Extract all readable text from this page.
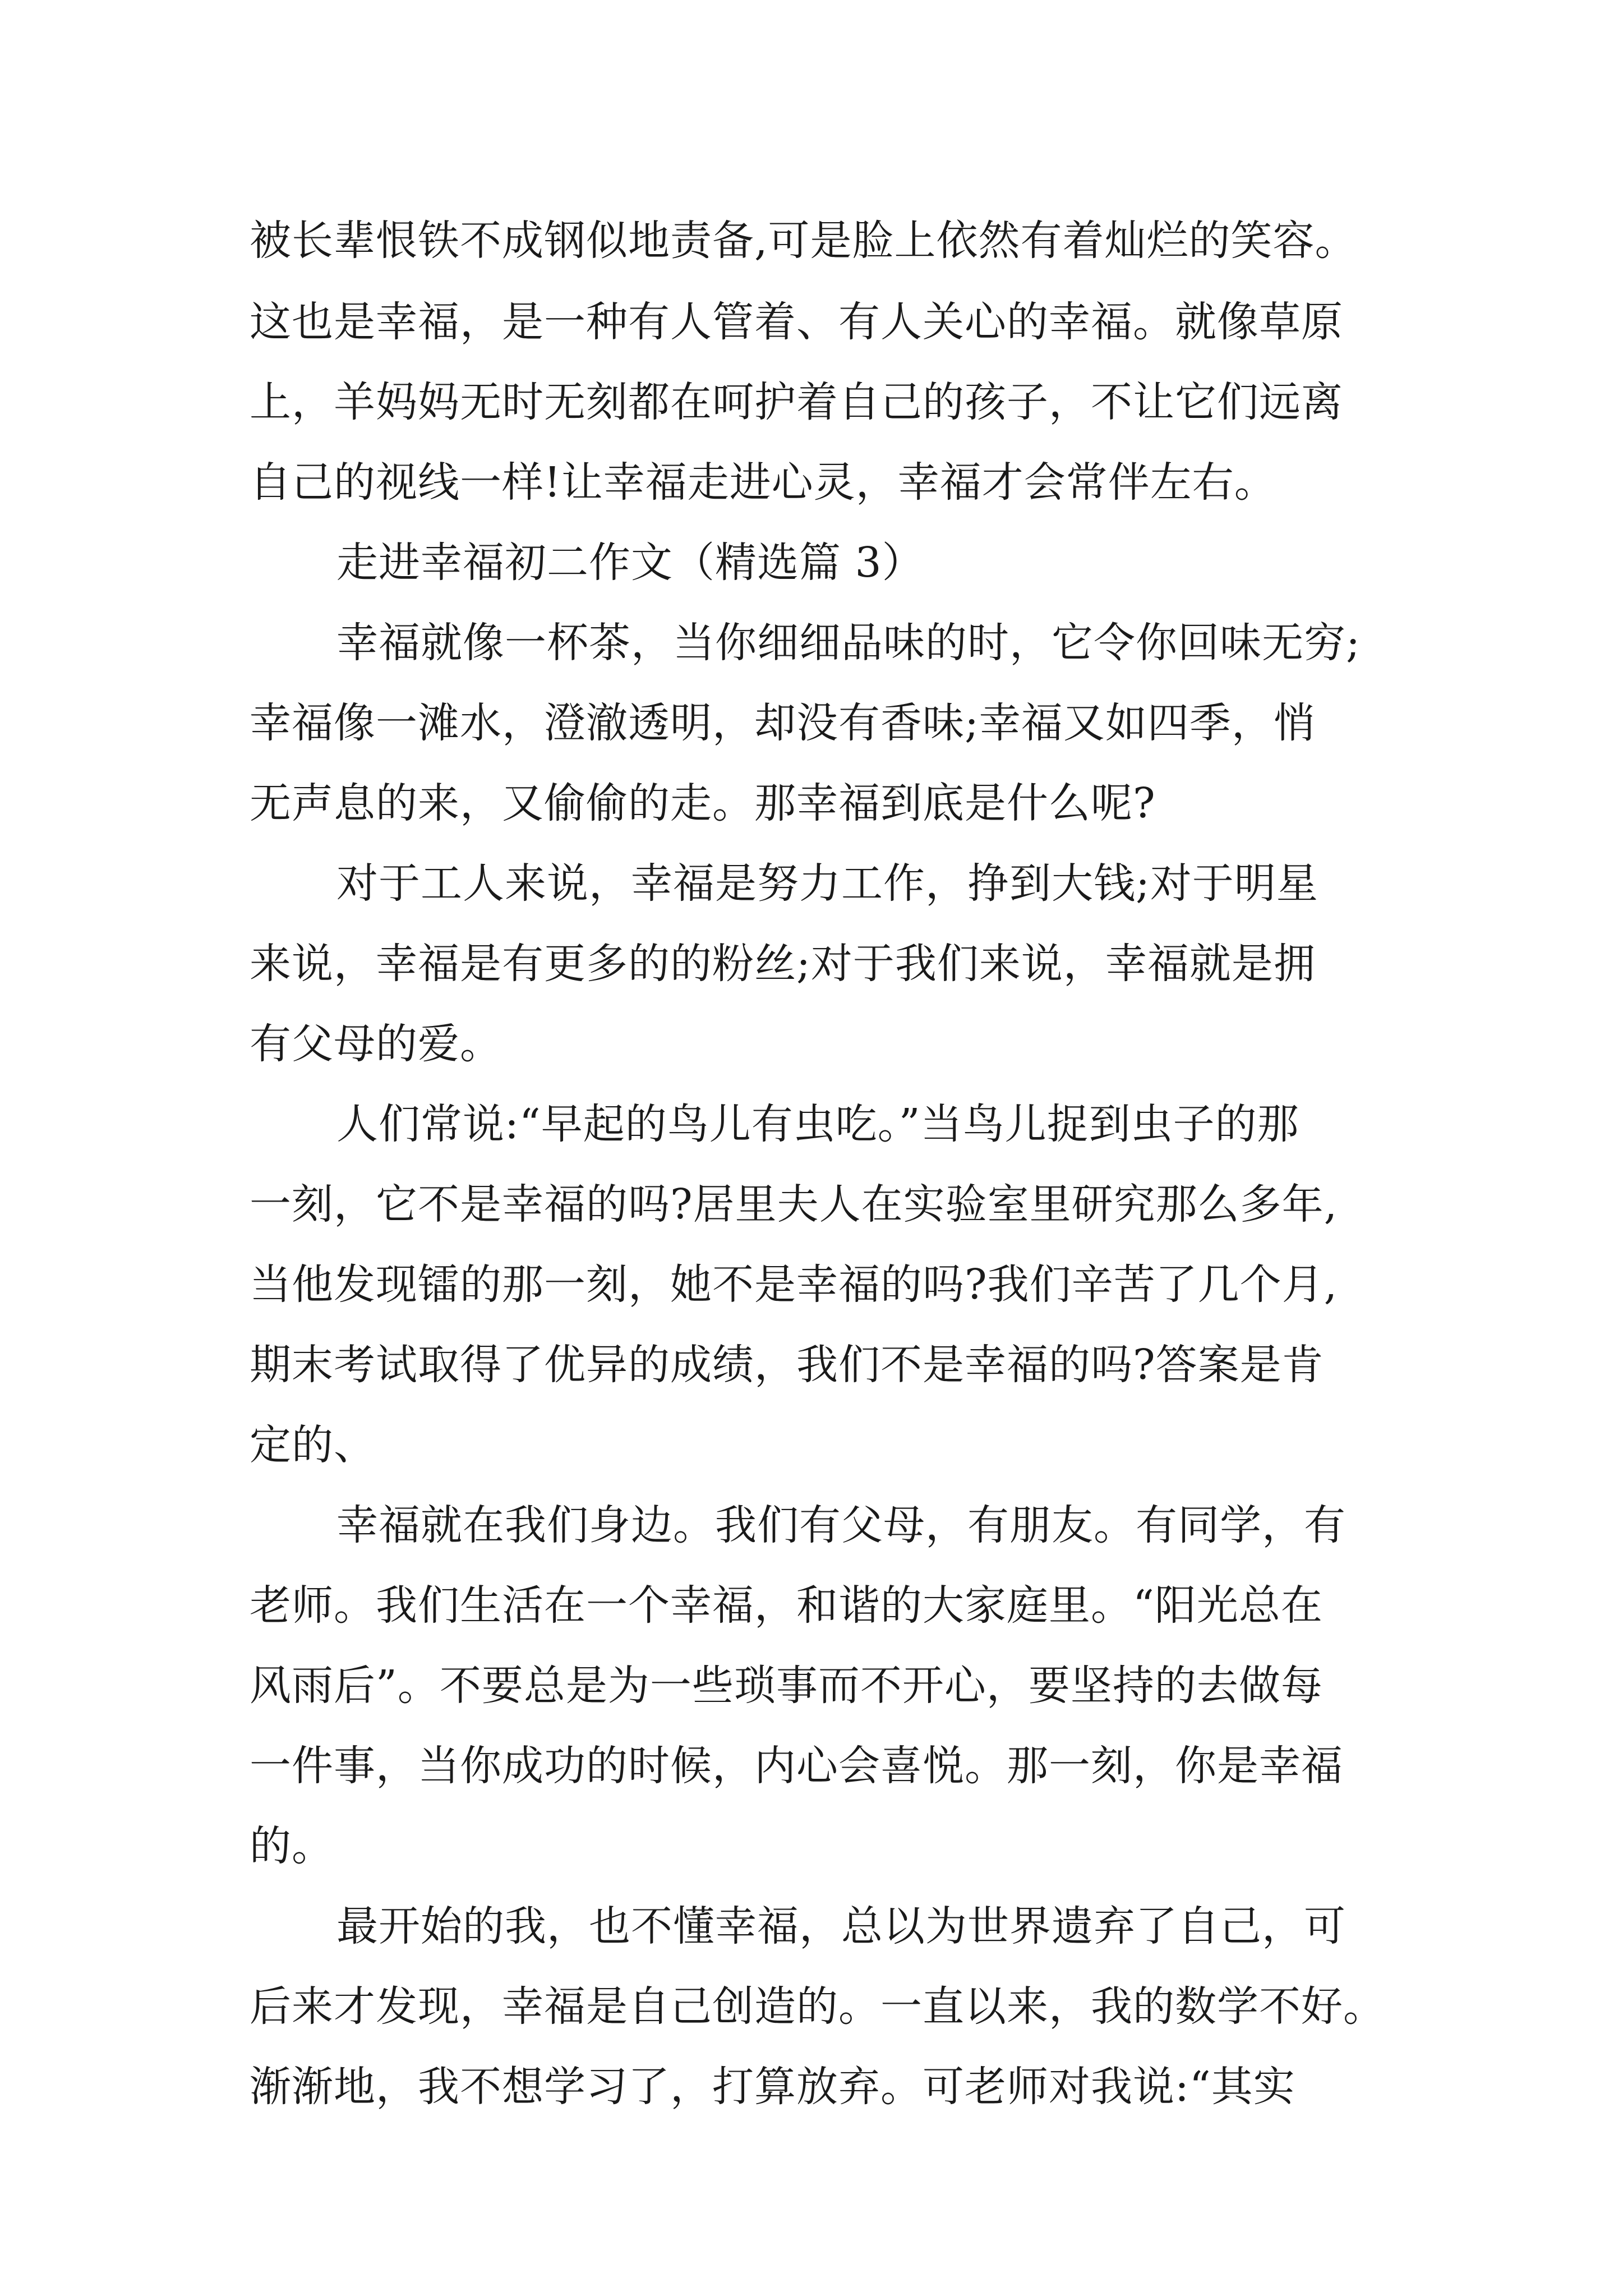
被长辈恨铁不成钢似地责备,可是脸上依然有着灿烂的笑容。
这也是幸福，是一种有人管着、有人关心的幸福。就像草原
上，羊妈妈无时无刻都在呵护着自己的孩子，不让它们远离
自己的视线一样!让幸福走进心灵，幸福才会常伴左右。
走进幸福初二作文（精选篇 3）
幸福就像一杯茶，当你细细品味的时，它令你回味无穷;
幸福像一滩水，澄澈透明，却没有香味;幸福又如四季，悄
无声息的来，又偷偷的走。那幸福到底是什么呢?
对于工人来说，幸福是努力工作，挣到大钱;对于明星
来说，幸福是有更多的的粉丝;对于我们来说，幸福就是拥
有父母的爱。
人们常说:“早起的鸟儿有虫吃。”当鸟儿捉到虫子的那
一刻，它不是幸福的吗?居里夫人在实验室里研究那么多年,
当他发现镭的那一刻，她不是幸福的吗?我们辛苦了几个月,
期末考试取得了优异的成绩，我们不是幸福的吗?答案是肯
定的、
幸福就在我们身边。我们有父母，有朋友。有同学，有
老师。我们生活在一个幸福，和谐的大家庭里。“阳光总在
风雨后”。不要总是为一些琐事而不开心，要坚持的去做每
一件事，当你成功的时候，内心会喜悦。那一刻，你是幸福
的。
最开始的我，也不懂幸福，总以为世界遗弃了自己，可
后来才发现，幸福是自己创造的。一直以来，我的数学不好。
渐渐地，我不想学习了，打算放弃。可老师对我说:“其实
